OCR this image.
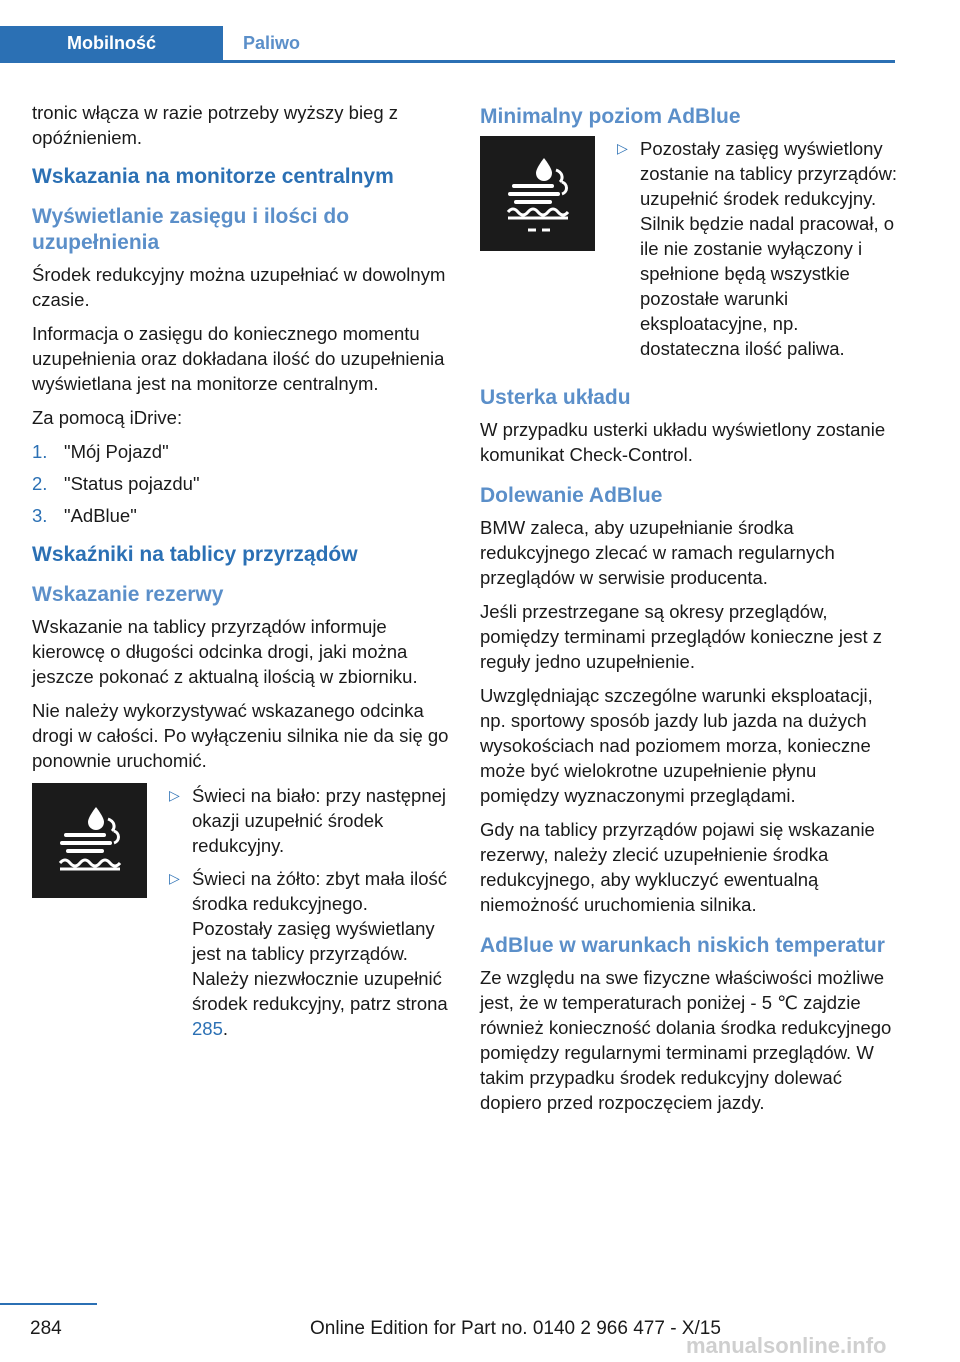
Mobilność	Paliwo

tronic włącza w razie potrzeby wyższy bieg z opóźnieniem.

Wskazania na monitorze centralnym
Wyświetlanie zasięgu i ilości do uzupełnienia

Środek redukcyjny można uzupełniać w dowolnym czasie.

Informacja o zasięgu do koniecznego momentu uzupełnienia oraz dokładana ilość do uzupełnienia wyświetlana jest na monitorze centralnym.

Za pomocą iDrive:

1. "Mój Pojazd"
2. "Status pojazdu"
3. "AdBlue"
Wskaźniki na tablicy przyrządów
Wskazanie rezerwy

Wskazanie na tablicy przyrządów informuje kierowcę o długości odcinka drogi, jaki można jeszcze pokonać z aktualną ilością w zbiorniku.

Nie należy wykorzystywać wskazanego odcinka drogi w całości. Po wyłączeniu silnika nie da się go ponownie uruchomić.

▷ Świeci na biało: przy następnej okazji uzupełnić środek redukcyjny.
▷ Świeci na żółto: zbyt mała ilość środka redukcyjnego. Pozostały zasięg wyświetlany jest na tablicy przyrządów. Należy niezwłocznie uzupełnić środek redukcyjny, patrz strona 285.
Minimalny poziom AdBlue
▷ Pozostały zasięg wyświetlony zostanie na tablicy przyrządów: uzupełnić środek redukcyjny. Silnik będzie nadal pracował, o ile nie zostanie wyłączony i spełnione będą wszystkie pozostałe warunki eksploatacyjne, np. dostateczna ilość paliwa.
Usterka układu

W przypadku usterki układu wyświetlony zostanie komunikat Check-Control.

Dolewanie AdBlue

BMW zaleca, aby uzupełnianie środka redukcyjnego zlecać w ramach regularnych przeglądów w serwisie producenta.

Jeśli przestrzegane są okresy przeglądów, pomiędzy terminami przeglądów konieczne jest z reguły jedno uzupełnienie.

Uwzględniając szczególne warunki eksploatacji, np. sportowy sposób jazdy lub jazda na dużych wysokościach nad poziomem morza, konieczne może być wielokrotne uzupełnienie płynu pomiędzy wyznaczonymi przeglądami.

Gdy na tablicy przyrządów pojawi się wskazanie rezerwy, należy zlecić uzupełnienie środka redukcyjnego, aby wykluczyć ewentualną niemożność uruchomienia silnika.

AdBlue w warunkach niskich temperatur

Ze względu na swe fizyczne właściwości możliwe jest, że w temperaturach poniżej - 5 ℃ zajdzie również konieczność dolania środka redukcyjnego pomiędzy regularnymi terminami przeglądów. W takim przypadku środek redukcyjny dolewać dopiero przed rozpoczęciem jazdy.

284	Online Edition for Part no. 0140 2 966 477 - X/15
manualsonline.info
